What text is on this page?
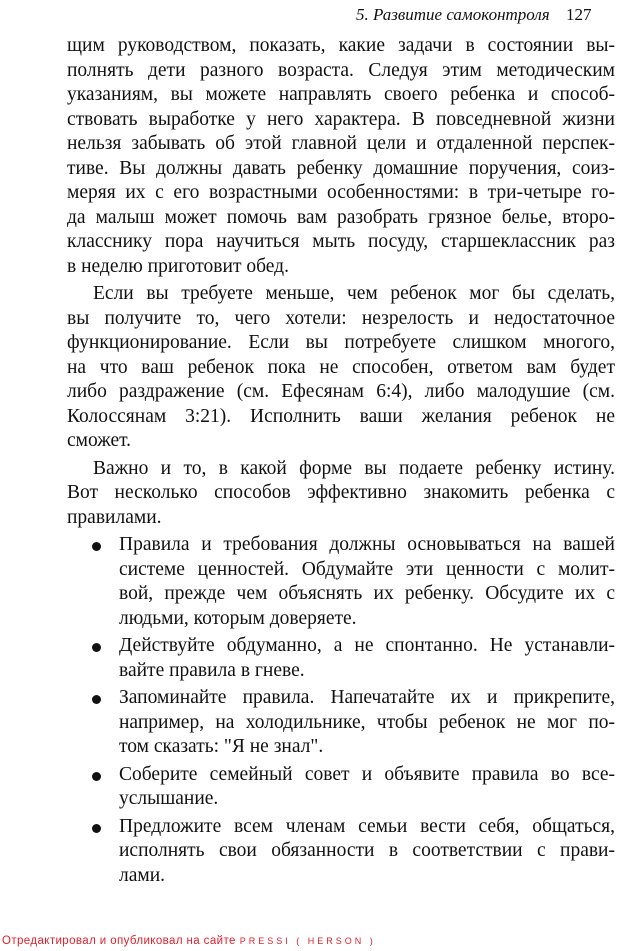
5. Развитие самоконтроля 127
щим руководством, показать, какие задачи в состоянии вы-
полнять дети разного возраста. Следуя этим методическим
указаниям, вы можете направлять своего ребенка и способ-
ствовать выработке у него характера. В повседневной жизни
нельзя забывать об этой главной цели и отдаленной перспек-
тиве. Вы должны давать ребенку домашние поручения, соиз-
меряя их с его возрастными особенностями: в три-четыре го-
да малыш может помочь вам разобрать грязное белье, второ-
класснику пора научиться мыть посуду, старшеклассник раз
в неделю приготовит обед.
Если вы требуете меньше, чем ребенок мог бы сделать,
вы получите то, чего хотели: незрелость и недостаточное
функционирование. Если вы потребуете слишком многого,
на что ваш ребенок пока не способен, ответом вам будет
либо раздражение (см. Ефесянам 6:4), либо малодушие (см.
Колоссянам 3:21). Исполнить ваши желания ребенок не
сможет.
Важно и то, в какой форме вы подаете ребенку истину.
Вот несколько способов эффективно знакомить ребенка с
правилами.
Правила и требования должны основываться на вашей
системе ценностей. Обдумайте эти ценности с молит-
вой, прежде чем объяснять их ребенку. Обсудите их с
людьми, которым доверяете.
Действуйте обдуманно, а не спонтанно. Не устанавли-
вайте правила в гневе.
Запоминайте правила. Напечатайте их и прикрепите,
например, на холодильнике, чтобы ребенок не мог по-
том сказать: "Я не знал".
Соберите семейный совет и объявите правила во все-
услышание.
Предложите всем членам семьи вести себя, общаться,
исполнять свои обязанности в соответствии с прави-
лами.
Отредактировал и опубликовал на сайте PRESSI ( HERSON )
